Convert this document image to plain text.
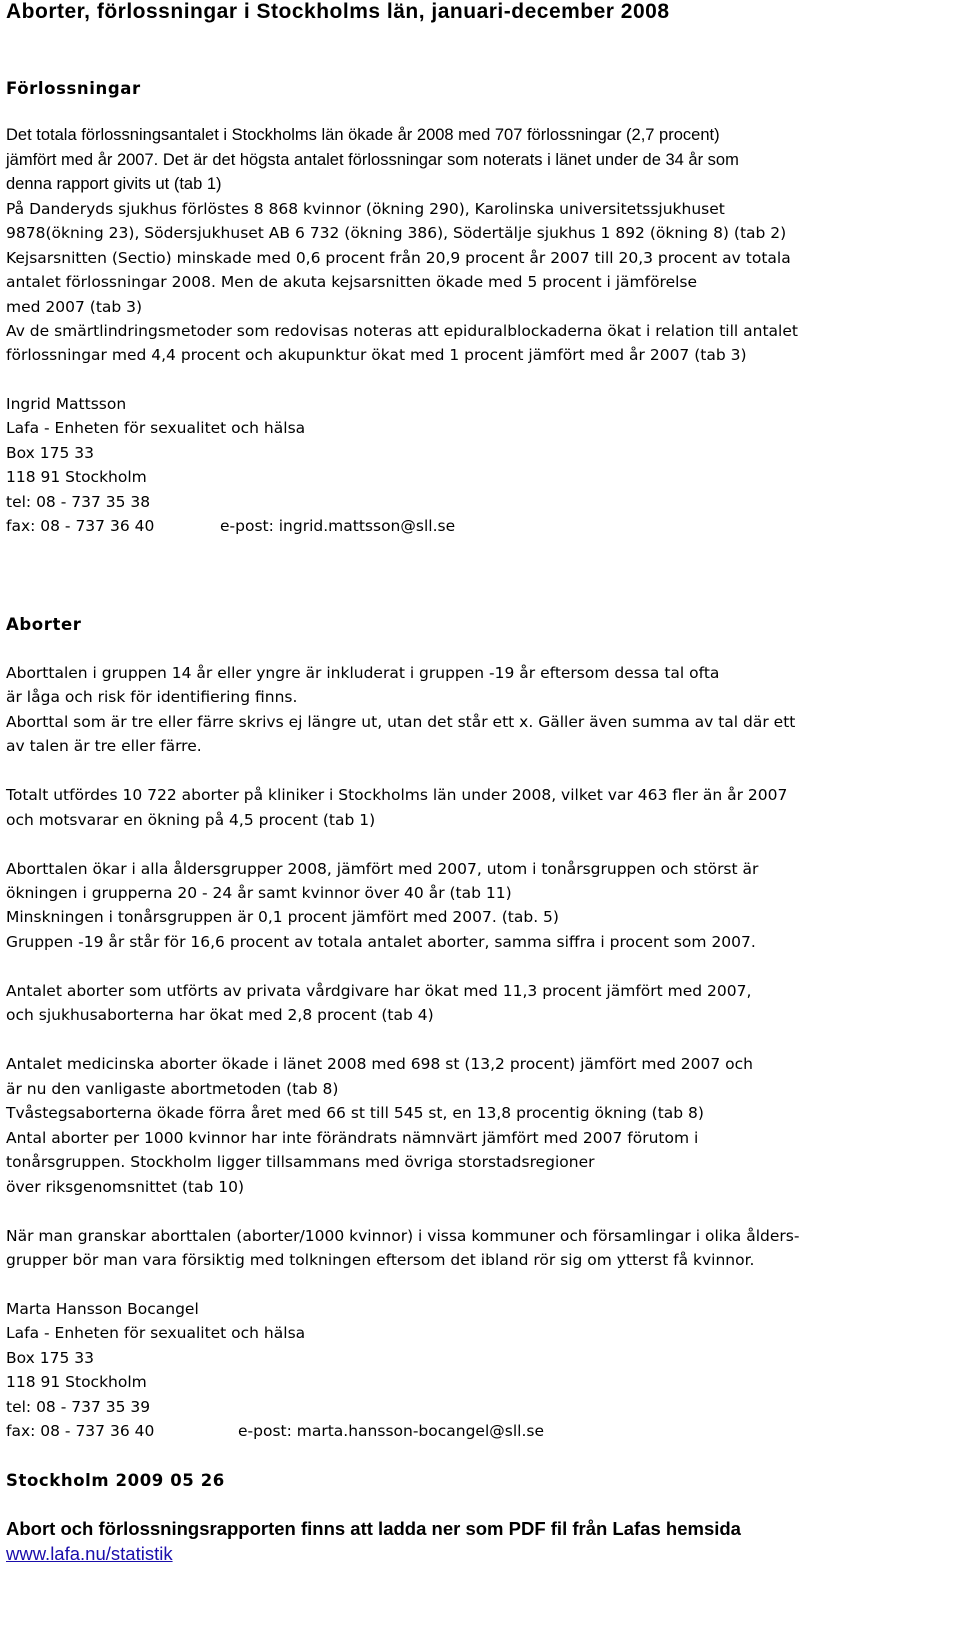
Aborter, förlossningar i Stockholms län, januari-december 2008
Förlossningar
Det totala förlossningsantalet i Stockholms län ökade år 2008 med 707 förlossningar (2,7 procent)
jämfört med år 2007. Det är det högsta antalet förlossningar som noterats i länet under de 34 år som
denna rapport givits ut (tab 1)
På Danderyds sjukhus förlöstes 8 868 kvinnor (ökning 290), Karolinska universitetssjukhuset
9878(ökning 23), Södersjukhuset AB 6 732 (ökning 386), Södertälje sjukhus 1 892 (ökning 8) (tab 2)
Kejsarsnitten (Sectio) minskade med 0,6 procent från 20,9 procent år 2007 till 20,3 procent av totala
antalet förlossningar 2008. Men de akuta kejsarsnitten ökade med 5 procent i jämförelse
med 2007 (tab 3)
Av de smärtlindringsmetoder som redovisas noteras att epiduralblockaderna ökat i relation till antalet
förlossningar med 4,4 procent och akupunktur ökat med 1 procent jämfört med år 2007 (tab 3)
Ingrid Mattsson
Lafa - Enheten för sexualitet och hälsa
Box 175 33
118 91 Stockholm
tel: 08 - 737 35 38
fax: 08 - 737 36 40	e-post: ingrid.mattsson@sll.se
Aborter
Aborttalen i gruppen 14 år eller yngre är inkluderat i gruppen -19 år eftersom dessa tal ofta
är låga och risk för identifiering finns.
Aborttal som är tre eller färre skrivs ej längre ut, utan det står ett x. Gäller även summa av tal där ett
av talen är tre eller färre.
Totalt utfördes 10 722 aborter på kliniker i Stockholms län under 2008, vilket var 463 fler än år 2007
och motsvarar en ökning på 4,5 procent (tab 1)
Aborttalen ökar i alla åldersgrupper 2008, jämfört med 2007, utom i tonårsgruppen och störst är
ökningen i grupperna 20 - 24 år samt kvinnor över 40 år (tab 11)
Minskningen i tonårsgruppen är 0,1 procent jämfört med 2007. (tab. 5)
Gruppen -19 år står för 16,6 procent av totala antalet aborter, samma siffra i procent som 2007.
Antalet aborter som utförts av privata vårdgivare har ökat med 11,3 procent jämfört med 2007,
och sjukhusaborterna har ökat med 2,8 procent (tab 4)
Antalet medicinska aborter ökade i länet 2008 med 698 st (13,2 procent) jämfört med 2007 och
är nu den vanligaste abortmetoden (tab 8)
Tvåstegsaborterna ökade förra året med 66 st till 545 st, en 13,8 procentig ökning (tab 8)
Antal aborter per 1000 kvinnor har inte förändrats nämnvärt jämfört med 2007 förutom i
tonårsgruppen. Stockholm ligger tillsammans med övriga storstadsregioner
över riksgenomsnittet (tab 10)
När man granskar aborttalen (aborter/1000 kvinnor) i vissa kommuner och församlingar i olika ålders-
grupper bör man vara försiktig med tolkningen eftersom det ibland rör sig om ytterst få kvinnor.
Marta Hansson Bocangel
Lafa - Enheten för sexualitet och hälsa
Box 175 33
118 91 Stockholm
tel: 08 - 737 35 39
fax: 08 - 737 36 40	e-post: marta.hansson-bocangel@sll.se
Stockholm 2009 05 26
Abort och förlossningsrapporten finns att ladda ner som PDF fil från Lafas hemsida
www.lafa.nu/statistik
